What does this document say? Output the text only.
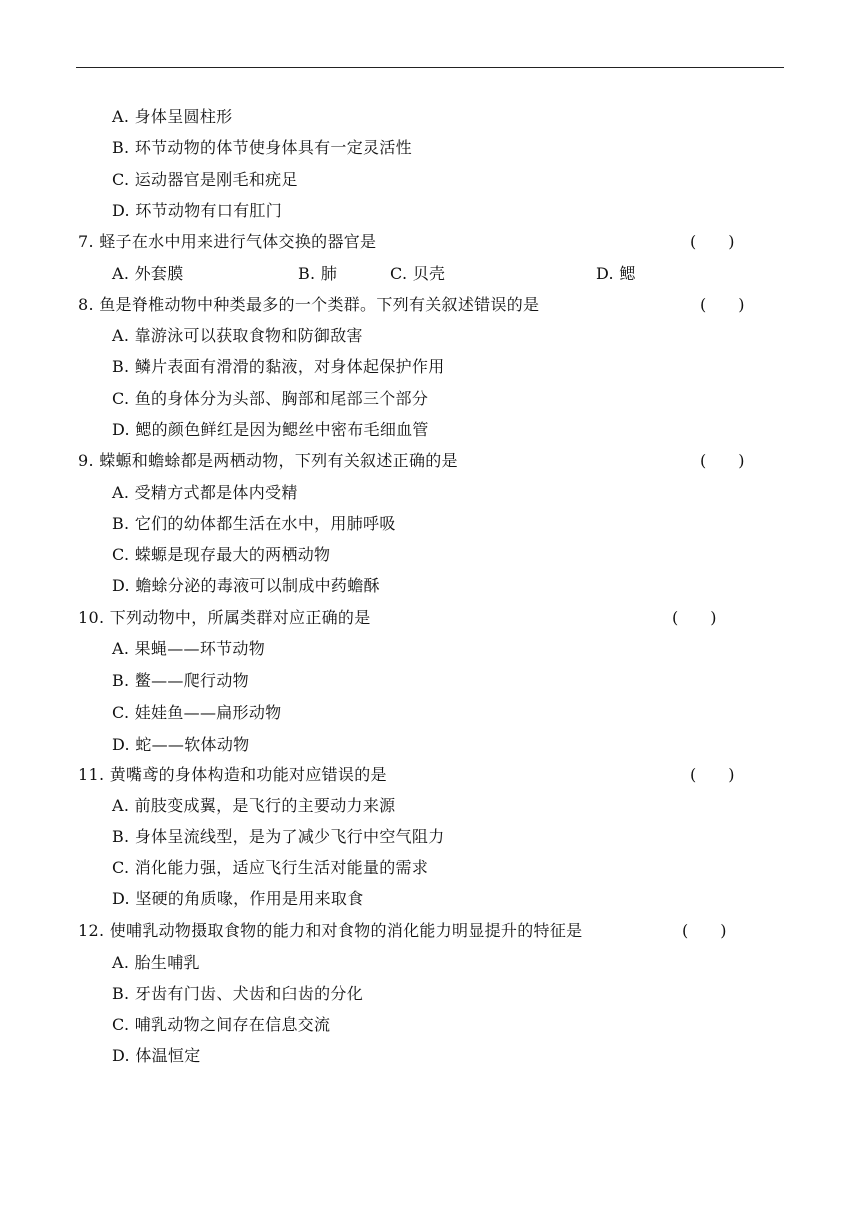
A. 身体呈圆柱形
B. 环节动物的体节使身体具有一定灵活性
C. 运动器官是刚毛和疣足
D. 环节动物有口有肛门
7. 蛏子在水中用来进行气体交换的器官是	(　　)
A. 外套膜	B. 肺	C. 贝壳	D. 鳃
8. 鱼是脊椎动物中种类最多的一个类群。下列有关叙述错误的是	(　　)
A. 靠游泳可以获取食物和防御敌害
B. 鳞片表面有滑滑的黏液，对身体起保护作用
C. 鱼的身体分为头部、胸部和尾部三个部分
D. 鳃的颜色鲜红是因为鳃丝中密布毛细血管
9. 蝾螈和蟾蜍都是两栖动物，下列有关叙述正确的是	(　　)
A. 受精方式都是体内受精
B. 它们的幼体都生活在水中，用肺呼吸
C. 蝾螈是现存最大的两栖动物
D. 蟾蜍分泌的毒液可以制成中药蟾酥
10. 下列动物中，所属类群对应正确的是	(　　)
A. 果蝇——环节动物
B. 鳖——爬行动物
C. 娃娃鱼——扁形动物
D. 蛇——软体动物
11. 黄嘴鸢的身体构造和功能对应错误的是	(　　)
A. 前肢变成翼，是飞行的主要动力来源
B. 身体呈流线型，是为了减少飞行中空气阻力
C. 消化能力强，适应飞行生活对能量的需求
D. 坚硬的角质喙，作用是用来取食
12. 使哺乳动物摄取食物的能力和对食物的消化能力明显提升的特征是	(　　)
A. 胎生哺乳
B. 牙齿有门齿、犬齿和臼齿的分化
C. 哺乳动物之间存在信息交流
D. 体温恒定
